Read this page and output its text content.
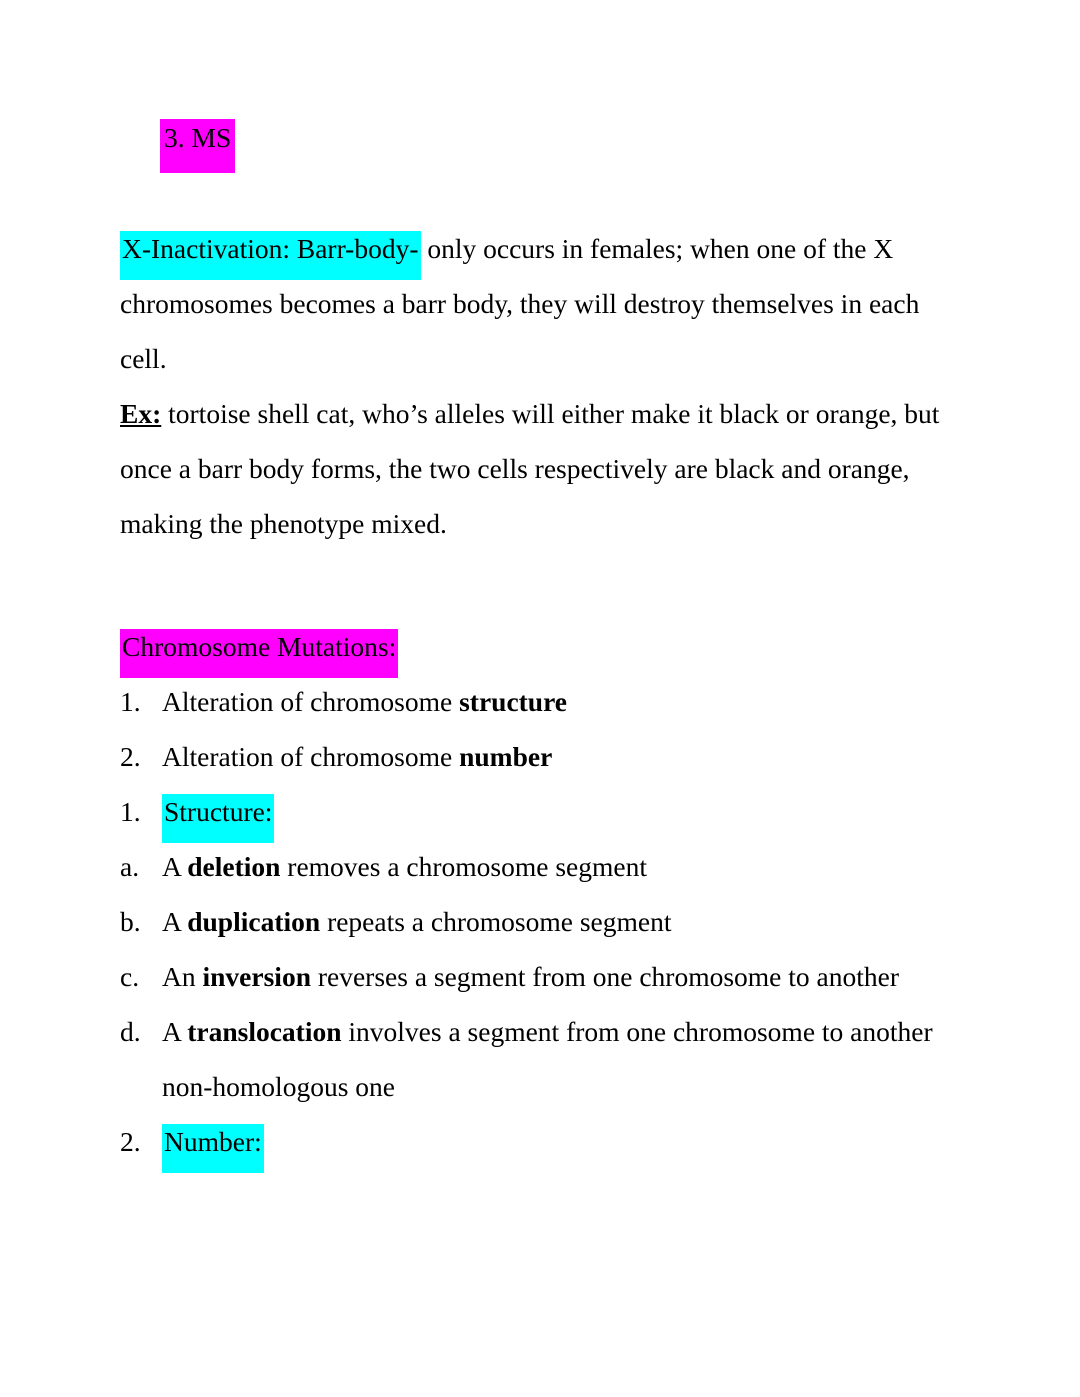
3. MS
X-Inactivation: Barr-body- only occurs in females; when one of the X chromosomes becomes a barr body, they will destroy themselves in each cell.
Ex: tortoise shell cat, who’s alleles will either make it black or orange, but once a barr body forms, the two cells respectively are black and orange, making the phenotype mixed.
Chromosome Mutations:
1. Alteration of chromosome structure
2. Alteration of chromosome number
1. Structure:
a. A deletion removes a chromosome segment
b. A duplication repeats a chromosome segment
c. An inversion reverses a segment from one chromosome to another
d. A translocation involves a segment from one chromosome to another non-homologous one
2. Number:
